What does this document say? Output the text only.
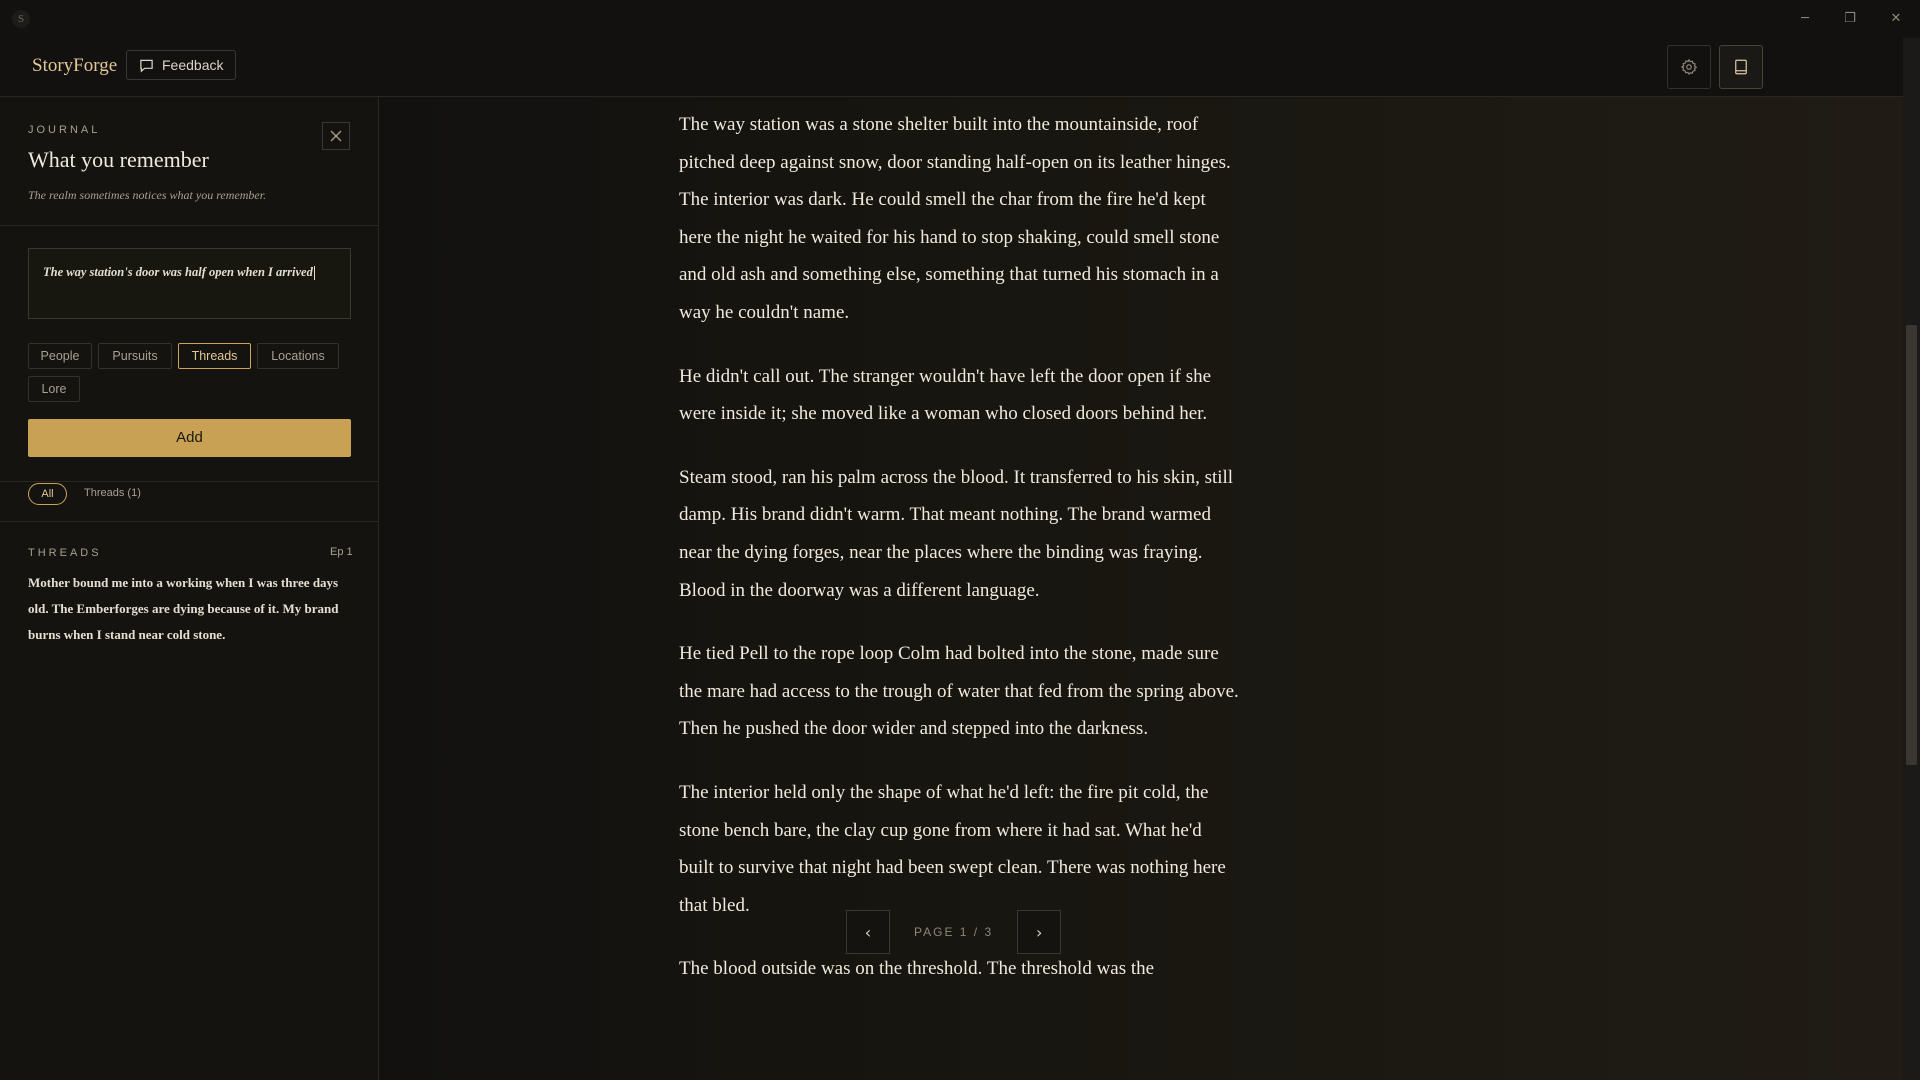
S	─	❐	✕
StoryForge	Feedback
JOURNAL
What you remember
The realm sometimes notices what you remember.
The way station's door was half open when I arrived
People	Pursuits	Threads	Locations
Lore
Add
All	Threads (1)
THREADS	Ep 1
Mother bound me into a working when I was three days old. The Emberforges are dying because of it. My brand burns when I stand near cold stone.

The way station was a stone shelter built into the mountainside, roof pitched deep against snow, door standing half-open on its leather hinges. The interior was dark. He could smell the char from the fire he'd kept here the night he waited for his hand to stop shaking, could smell stone and old ash and something else, something that turned his stomach in a way he couldn't name.

He didn't call out. The stranger wouldn't have left the door open if she were inside it; she moved like a woman who closed doors behind her.

Steam stood, ran his palm across the blood. It transferred to his skin, still damp. His brand didn't warm. That meant nothing. The brand warmed near the dying forges, near the places where the binding was fraying. Blood in the doorway was a different language.

He tied Pell to the rope loop Colm had bolted into the stone, made sure the mare had access to the trough of water that fed from the spring above. Then he pushed the door wider and stepped into the darkness.

The interior held only the shape of what he'd left: the fire pit cold, the stone bench bare, the clay cup gone from where it had sat. What he'd built to survive that night had been swept clean. There was nothing here that bled.

The blood outside was on the threshold. The threshold was the

‹	PAGE 1 / 3	›
